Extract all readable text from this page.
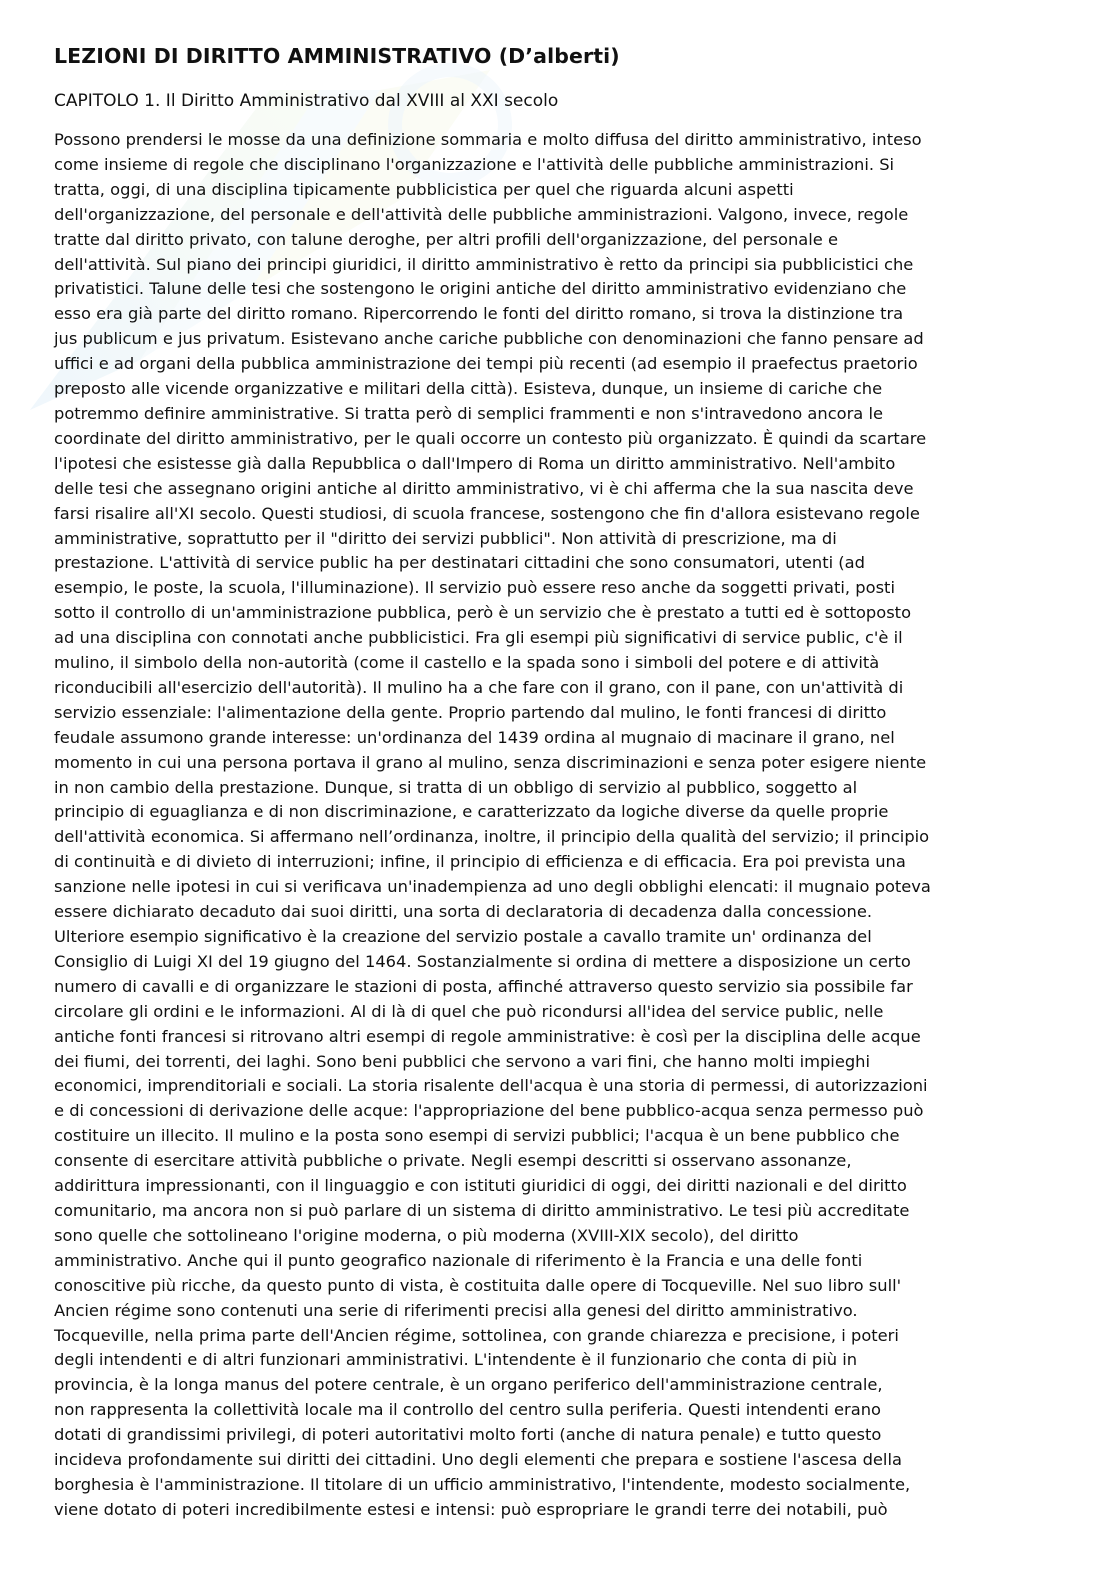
LEZIONI DI DIRITTO AMMINISTRATIVO (D’alberti)
CAPITOLO 1. Il Diritto Amministrativo dal XVIII al XXI secolo
Possono prendersi le mosse da una definizione sommaria e molto diffusa del diritto amministrativo, inteso
come insieme di regole che disciplinano l'organizzazione e l'attività delle pubbliche amministrazioni. Si
tratta, oggi, di una disciplina tipicamente pubblicistica per quel che riguarda alcuni aspetti
dell'organizzazione, del personale e dell'attività delle pubbliche amministrazioni. Valgono, invece, regole
tratte dal diritto privato, con talune deroghe, per altri profili dell'organizzazione, del personale e
dell'attività. Sul piano dei principi giuridici, il diritto amministrativo è retto da principi sia pubblicistici che
privatistici. Talune delle tesi che sostengono le origini antiche del diritto amministrativo evidenziano che
esso era già parte del diritto romano. Ripercorrendo le fonti del diritto romano, si trova la distinzione tra
jus publicum e jus privatum. Esistevano anche cariche pubbliche con denominazioni che fanno pensare ad
uffici e ad organi della pubblica amministrazione dei tempi più recenti (ad esempio il praefectus praetorio
preposto alle vicende organizzative e militari della città). Esisteva, dunque, un insieme di cariche che
potremmo definire amministrative. Si tratta però di semplici frammenti e non s'intravedono ancora le
coordinate del diritto amministrativo, per le quali occorre un contesto più organizzato. È quindi da scartare
l'ipotesi che esistesse già dalla Repubblica o dall'Impero di Roma un diritto amministrativo. Nell'ambito
delle tesi che assegnano origini antiche al diritto amministrativo, vi è chi afferma che la sua nascita deve
farsi risalire all'XI secolo. Questi studiosi, di scuola francese, sostengono che fin d'allora esistevano regole
amministrative, soprattutto per il "diritto dei servizi pubblici". Non attività di prescrizione, ma di
prestazione. L'attività di service public ha per destinatari cittadini che sono consumatori, utenti (ad
esempio, le poste, la scuola, l'illuminazione). Il servizio può essere reso anche da soggetti privati, posti
sotto il controllo di un'amministrazione pubblica, però è un servizio che è prestato a tutti ed è sottoposto
ad una disciplina con connotati anche pubblicistici. Fra gli esempi più significativi di service public, c'è il
mulino, il simbolo della non-autorità (come il castello e la spada sono i simboli del potere e di attività
riconducibili all'esercizio dell'autorità). Il mulino ha a che fare con il grano, con il pane, con un'attività di
servizio essenziale: l'alimentazione della gente. Proprio partendo dal mulino, le fonti francesi di diritto
feudale assumono grande interesse: un'ordinanza del 1439 ordina al mugnaio di macinare il grano, nel
momento in cui una persona portava il grano al mulino, senza discriminazioni e senza poter esigere niente
in non cambio della prestazione. Dunque, si tratta di un obbligo di servizio al pubblico, soggetto al
principio di eguaglianza e di non discriminazione, e caratterizzato da logiche diverse da quelle proprie
dell'attività economica. Si affermano nell’ordinanza, inoltre, il principio della qualità del servizio; il principio
di continuità e di divieto di interruzioni; infine, il principio di efficienza e di efficacia. Era poi prevista una
sanzione nelle ipotesi in cui si verificava un'inadempienza ad uno degli obblighi elencati: il mugnaio poteva
essere dichiarato decaduto dai suoi diritti, una sorta di declaratoria di decadenza dalla concessione.
Ulteriore esempio significativo è la creazione del servizio postale a cavallo tramite un' ordinanza del
Consiglio di Luigi XI del 19 giugno del 1464. Sostanzialmente si ordina di mettere a disposizione un certo
numero di cavalli e di organizzare le stazioni di posta, affinché attraverso questo servizio sia possibile far
circolare gli ordini e le informazioni. Al di là di quel che può ricondursi all'idea del service public, nelle
antiche fonti francesi si ritrovano altri esempi di regole amministrative: è così per la disciplina delle acque
dei fiumi, dei torrenti, dei laghi. Sono beni pubblici che servono a vari fini, che hanno molti impieghi
economici, imprenditoriali e sociali. La storia risalente dell'acqua è una storia di permessi, di autorizzazioni
e di concessioni di derivazione delle acque: l'appropriazione del bene pubblico-acqua senza permesso può
costituire un illecito. Il mulino e la posta sono esempi di servizi pubblici; l'acqua è un bene pubblico che
consente di esercitare attività pubbliche o private. Negli esempi descritti si osservano assonanze,
addirittura impressionanti, con il linguaggio e con istituti giuridici di oggi, dei diritti nazionali e del diritto
comunitario, ma ancora non si può parlare di un sistema di diritto amministrativo. Le tesi più accreditate
sono quelle che sottolineano l'origine moderna, o più moderna (XVIII-XIX secolo), del diritto
amministrativo. Anche qui il punto geografico nazionale di riferimento è la Francia e una delle fonti
conoscitive più ricche, da questo punto di vista, è costituita dalle opere di Tocqueville. Nel suo libro sull'
Ancien régime sono contenuti una serie di riferimenti precisi alla genesi del diritto amministrativo.
Tocqueville, nella prima parte dell'Ancien régime, sottolinea, con grande chiarezza e precisione, i poteri
degli intendenti e di altri funzionari amministrativi. L'intendente è il funzionario che conta di più in
provincia, è la longa manus del potere centrale, è un organo periferico dell'amministrazione centrale,
non rappresenta la collettività locale ma il controllo del centro sulla periferia. Questi intendenti erano
dotati di grandissimi privilegi, di poteri autoritativi molto forti (anche di natura penale) e tutto questo
incideva profondamente sui diritti dei cittadini. Uno degli elementi che prepara e sostiene l'ascesa della
borghesia è l'amministrazione. Il titolare di un ufficio amministrativo, l'intendente, modesto socialmente,
viene dotato di poteri incredibilmente estesi e intensi: può espropriare le grandi terre dei notabili, può
